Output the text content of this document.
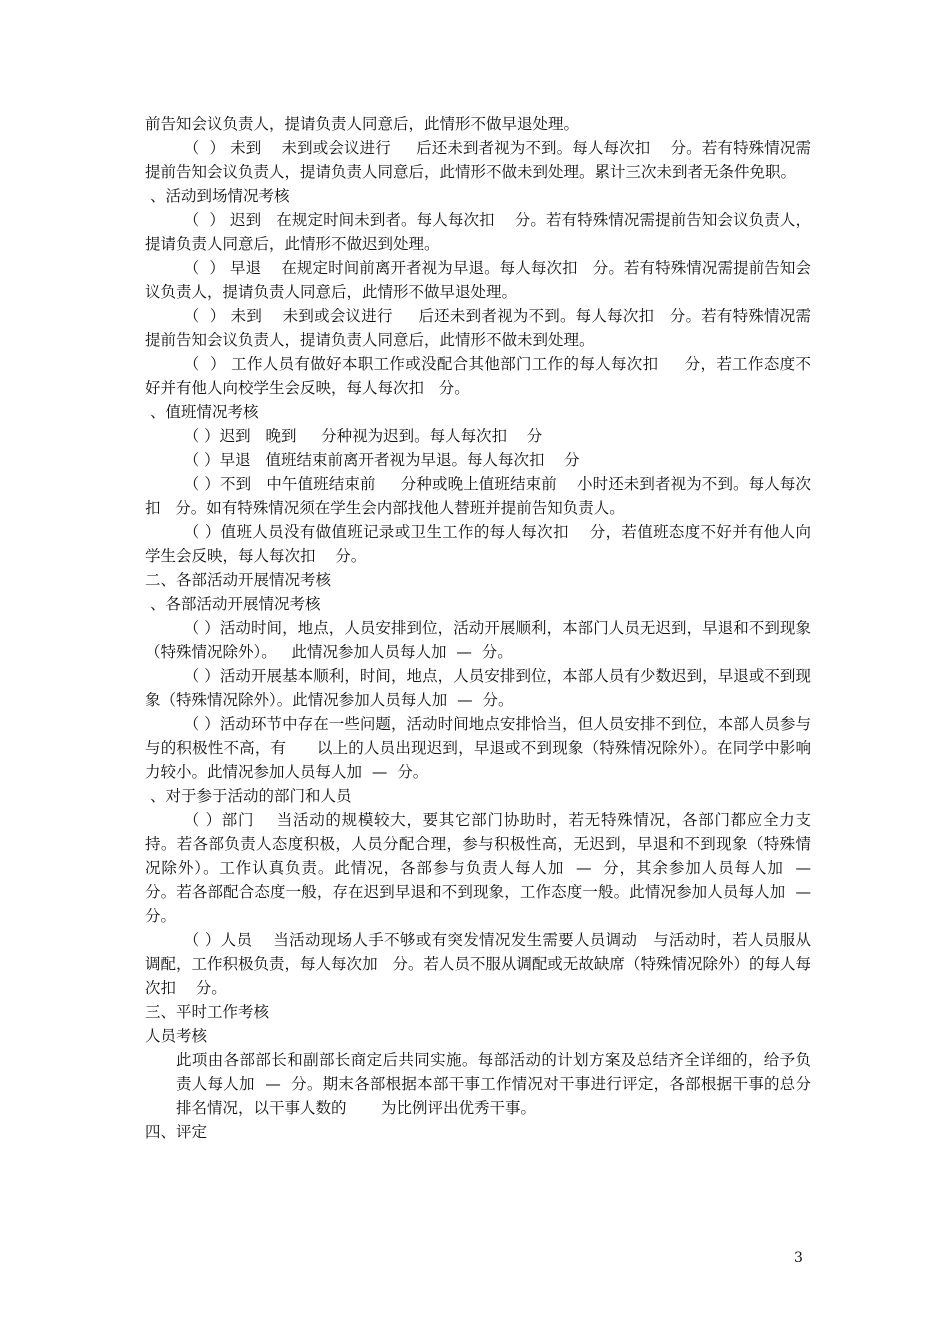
前告知会议负责人，提请负责人同意后，此情形不做早退处理。

（  ） 未到    未到或会议进行     后还未到者视为不到。每人每次扣    分。若有特殊情况需提前告知会议负责人，提请负责人同意后，此情形不做未到处理。累计三次未到者无条件免职。

、活动到场情况考核

（  ） 迟到   在规定时间未到者。每人每次扣    分。若有特殊情况需提前告知会议负责人，提请负责人同意后，此情形不做迟到处理。

（  ） 早退    在规定时间前离开者视为早退。每人每次扣   分。若有特殊情况需提前告知会议负责人，提请负责人同意后，此情形不做早退处理。

（  ） 未到    未到或会议进行     后还未到者视为不到。每人每次扣   分。若有特殊情况需提前告知会议负责人，提请负责人同意后，此情形不做未到处理。

（  ） 工作人员有做好本职工作或没配合其他部门工作的每人每次扣     分，若工作态度不好并有他人向校学生会反映，每人每次扣   分。

、值班情况考核

（ ）迟到   晚到     分种视为迟到。每人每次扣    分

（ ）早退   值班结束前离开者视为早退。每人每次扣    分

（ ）不到   中午值班结束前     分种或晚上值班结束前    小时还未到者视为不到。每人每次扣   分。如有特殊情况须在学生会内部找他人替班并提前告知负责人。

（ ）值班人员没有做值班记录或卫生工作的每人每次扣    分，若值班态度不好并有他人向学生会反映，每人每次扣    分。

二、各部活动开展情况考核

、各部活动开展情况考核

（ ）活动时间，地点，人员安排到位，活动开展顺利，本部门人员无迟到，早退和不到现象（特殊情况除外）。   此情况参加人员每人加  —  分。

（ ）活动开展基本顺利，时间，地点，人员安排到位，本部人员有少数迟到，早退或不到现象（特殊情况除外）。此情况参加人员每人加  —  分。

（ ）活动环节中存在一些问题，活动时间地点安排恰当，但人员安排不到位，本部人员参与与的积极性不高，有      以上的人员出现迟到，早退或不到现象（特殊情况除外）。在同学中影响力较小。此情况参加人员每人加  —  分。

、对于参于活动的部门和人员

（ ）部门    当活动的规模较大，要其它部门协助时，若无特殊情况，各部门都应全力支持。若各部负责人态度积极，人员分配合理，参与积极性高，无迟到，早退和不到现象（特殊情况除外）。工作认真负责。此情况，各部参与负责人每人加  —  分，其余参加人员每人加  —  分。若各部配合态度一般，存在迟到早退和不到现象，工作态度一般。此情况参加人员每人加  —  分。

（ ）人员    当活动现场人手不够或有突发情况发生需要人员调动   与活动时，若人员服从调配，工作积极负责，每人每次加   分。若人员不服从调配或无故缺席（特殊情况除外）的每人每次扣    分。

三、平时工作考核

人员考核

此项由各部部长和副部长商定后共同实施。每部活动的计划方案及总结齐全详细的，给予负责人每人加  —  分。期末各部根据本部干事工作情况对干事进行评定，各部根据干事的总分排名情况，以干事人数的       为比例评出优秀干事。

四、评定

3
